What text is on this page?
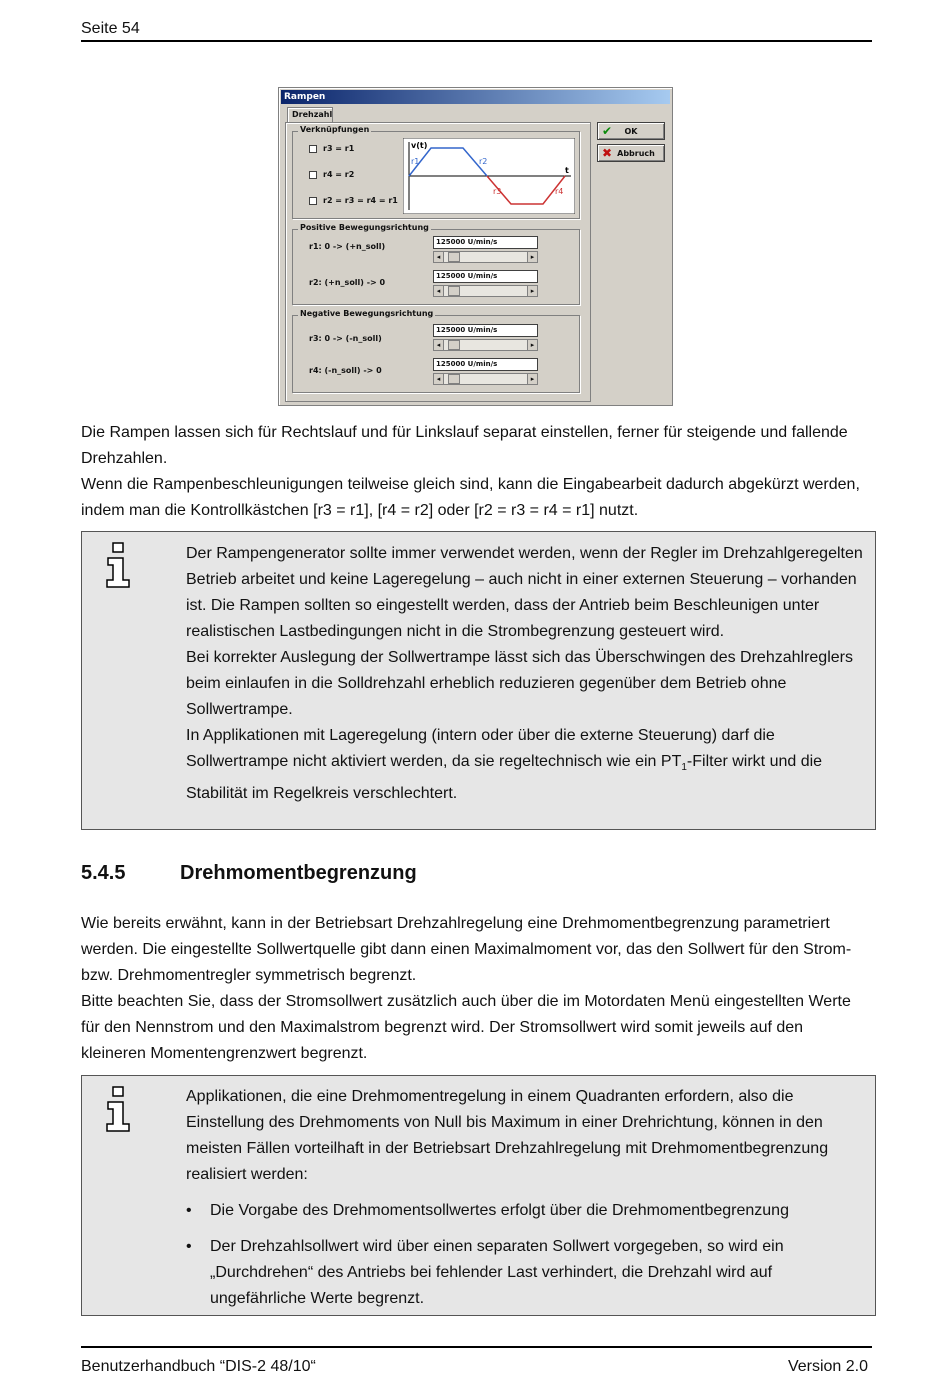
Seite 54
Rampen
Drehzahl
Verknüpfungen
r3 = r1
r4 = r2
r2 = r3 = r4 = r1
v(t)
t
r1	r2
r3	r4
Positive Bewegungsrichtung
r1: 0 -> (+n_soll)	125000 U/min/s
◂	▸
r2: (+n_soll) -> 0
125000 U/min/s
◂	▸
Negative Bewegungsrichtung
r3: 0 -> (-n_soll)
125000 U/min/s
◂	▸
r4: (-n_soll) -> 0
125000 U/min/s
◂	▸
✔ OK
✖ Abbruch

Die Rampen lassen sich für Rechtslauf und für Linkslauf separat einstellen, ferner für steigende und fallende Drehzahlen.

Wenn die Rampenbeschleunigungen teilweise gleich sind, kann die Eingabearbeit dadurch abgekürzt werden, indem man die Kontrollkästchen [r3 = r1], [r4 = r2] oder [r2 = r3 = r4 = r1] nutzt.

Der Rampengenerator sollte immer verwendet werden, wenn der Regler im Drehzahlgeregelten Betrieb arbeitet und keine Lageregelung – auch nicht in einer externen Steuerung – vorhanden ist. Die Rampen sollten so eingestellt werden, dass der Antrieb beim Beschleunigen unter realistischen Lastbedingungen nicht in die Strombegrenzung gesteuert wird.

Bei korrekter Auslegung der Sollwertrampe lässt sich das Überschwingen des Drehzahlreglers beim einlaufen in die Solldrehzahl erheblich reduzieren gegenüber dem Betrieb ohne Sollwertrampe.

In Applikationen mit Lageregelung (intern oder über die externe Steuerung) darf die Sollwertrampe nicht aktiviert werden, da sie regeltechnisch wie ein $PT_1$-Filter wirkt und die Stabilität im Regelkreis verschlechtert.

5.4.5	Drehmomentbegrenzung

Wie bereits erwähnt, kann in der Betriebsart Drehzahlregelung eine Drehmomentbegrenzung parametriert werden. Die eingestellte Sollwertquelle gibt dann einen Maximalmoment vor, das den Sollwert für den Strom- bzw. Drehmomentregler symmetrisch begrenzt.

Bitte beachten Sie, dass der Stromsollwert zusätzlich auch über die im Motordaten Menü eingestellten Werte für den Nennstrom und den Maximalstrom begrenzt wird. Der Stromsollwert wird somit jeweils auf den kleineren Momentengrenzwert begrenzt.

Applikationen, die eine Drehmomentregelung in einem Quadranten erfordern, also die Einstellung des Drehmoments von Null bis Maximum in einer Drehrichtung, können in den meisten Fällen vorteilhaft in der Betriebsart Drehzahlregelung mit Drehmomentbegrenzung realisiert werden:

• Die Vorgabe des Drehmomentsollwertes erfolgt über die Drehmomentbegrenzung
• Der Drehzahlsollwert wird über einen separaten Sollwert vorgegeben, so wird ein „Durchdrehen“ des Antriebs bei fehlender Last verhindert, die Drehzahl wird auf ungefährliche Werte begrenzt.
Benutzerhandbuch “DIS-2 48/10“	Version 2.0
